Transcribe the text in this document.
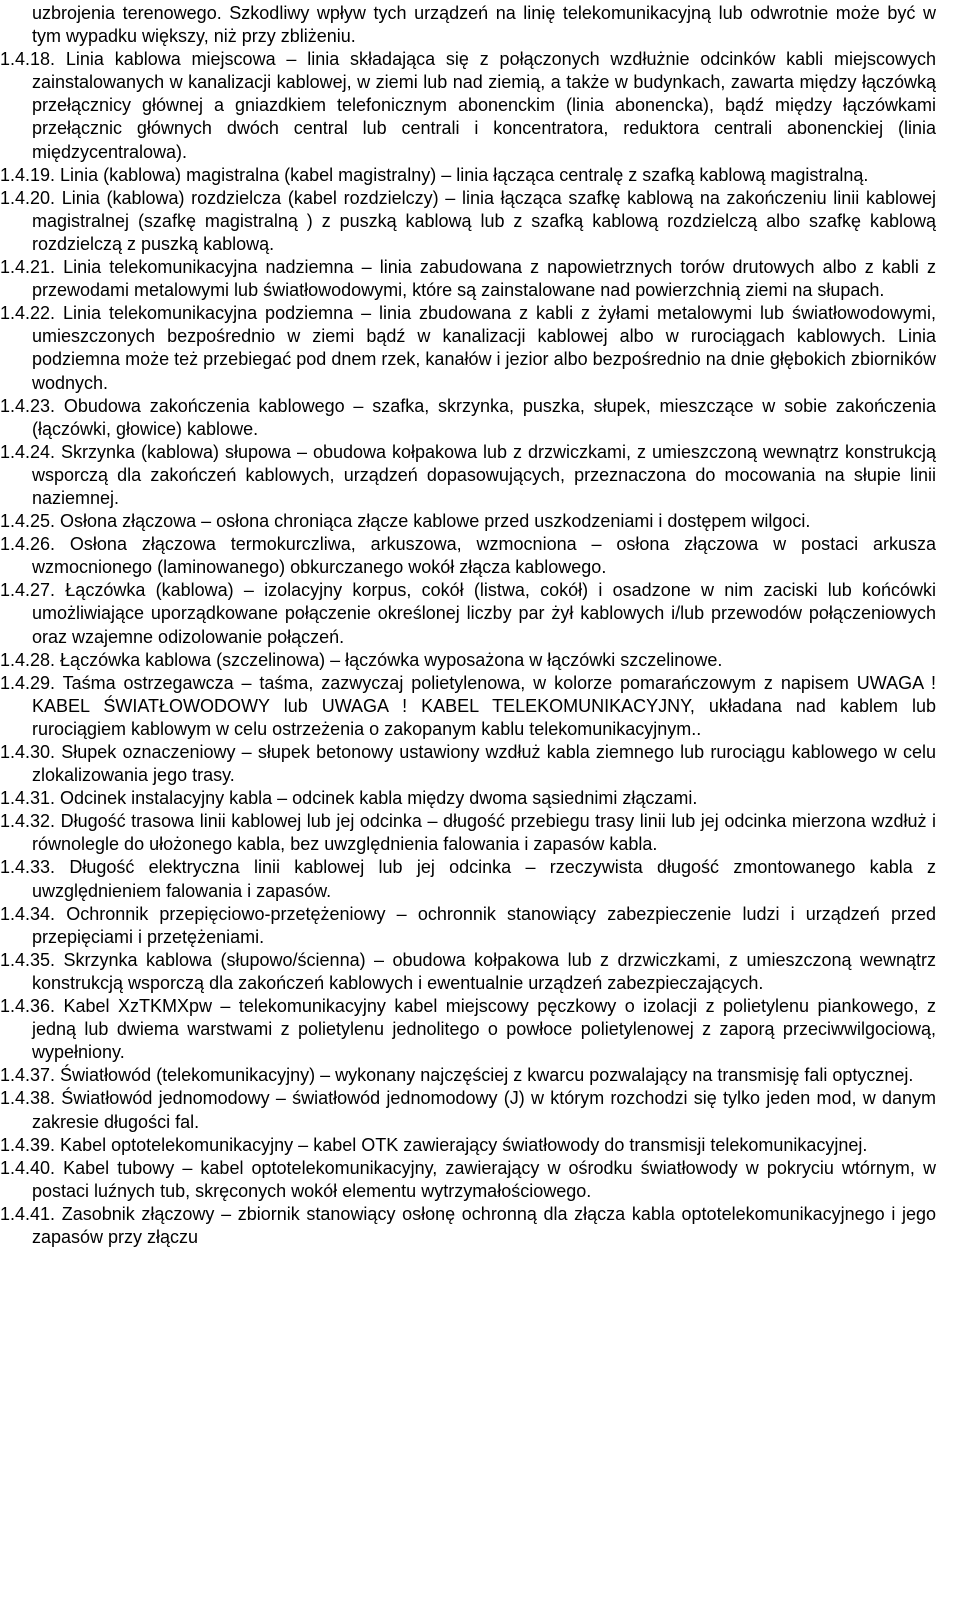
uzbrojenia terenowego. Szkodliwy wpływ tych urządzeń na linię telekomunikacyjną lub odwrotnie może być w tym wypadku większy, niż przy zbliżeniu.

1.4.18. Linia kablowa miejscowa – linia składająca się z połączonych wzdłużnie odcinków kabli miejscowych zainstalowanych w kanalizacji kablowej, w ziemi lub nad ziemią, a także w budynkach, zawarta między łączówką przełącznicy głównej a gniazdkiem telefonicznym abonenckim (linia abonencka), bądź między łączówkami przełącznic głównych dwóch central lub centrali i koncentratora, reduktora centrali abonenckiej (linia międzycentralowa).

1.4.19. Linia (kablowa) magistralna (kabel magistralny) – linia łącząca centralę z szafką kablową magistralną.

1.4.20. Linia (kablowa) rozdzielcza (kabel rozdzielczy) – linia łącząca szafkę kablową na zakończeniu linii kablowej magistralnej (szafkę magistralną ) z puszką kablową lub z szafką kablową rozdzielczą albo szafkę kablową rozdzielczą z puszką kablową.

1.4.21. Linia telekomunikacyjna nadziemna – linia zabudowana z napowietrznych torów drutowych albo z kabli z przewodami metalowymi lub światłowodowymi, które są zainstalowane nad powierzchnią ziemi na słupach.

1.4.22. Linia telekomunikacyjna podziemna – linia zbudowana z kabli z żyłami metalowymi lub światłowodowymi, umieszczonych bezpośrednio w ziemi bądź w kanalizacji kablowej albo w rurociągach kablowych. Linia podziemna może też przebiegać pod dnem rzek, kanałów i jezior albo bezpośrednio na dnie głębokich zbiorników wodnych.

1.4.23. Obudowa zakończenia kablowego – szafka, skrzynka, puszka, słupek, mieszczące w sobie zakończenia (łączówki, głowice) kablowe.

1.4.24. Skrzynka (kablowa) słupowa – obudowa kołpakowa lub z drzwiczkami, z umieszczoną wewnątrz konstrukcją wsporczą dla zakończeń kablowych, urządzeń dopasowujących, przeznaczona do mocowania na słupie linii naziemnej.

1.4.25. Osłona złączowa – osłona chroniąca złącze kablowe przed uszkodzeniami i dostępem wilgoci.

1.4.26. Osłona złączowa termokurczliwa, arkuszowa, wzmocniona – osłona złączowa w postaci arkusza wzmocnionego (laminowanego) obkurczanego wokół złącza kablowego.

1.4.27. Łączówka (kablowa) – izolacyjny korpus, cokół (listwa, cokół) i osadzone w nim zaciski lub końcówki umożliwiające uporządkowane połączenie określonej liczby par żył kablowych i/lub przewodów połączeniowych oraz wzajemne odizolowanie połączeń.

1.4.28. Łączówka kablowa (szczelinowa) – łączówka wyposażona w łączówki szczelinowe.

1.4.29. Taśma ostrzegawcza – taśma, zazwyczaj polietylenowa, w kolorze pomarańczowym z napisem UWAGA ! KABEL ŚWIATŁOWODOWY lub UWAGA ! KABEL TELEKOMUNIKACYJNY, układana nad kablem lub rurociągiem kablowym w celu ostrzeżenia o zakopanym kablu telekomunikacyjnym..

1.4.30. Słupek oznaczeniowy – słupek betonowy ustawiony wzdłuż kabla ziemnego lub rurociągu kablowego w celu zlokalizowania jego trasy.

1.4.31. Odcinek instalacyjny kabla – odcinek kabla między dwoma sąsiednimi złączami.

1.4.32. Długość trasowa linii kablowej lub jej odcinka – długość przebiegu trasy linii lub jej odcinka mierzona wzdłuż i równolegle do ułożonego kabla, bez uwzględnienia falowania i zapasów kabla.

1.4.33. Długość elektryczna linii kablowej lub jej odcinka – rzeczywista długość zmontowanego kabla z uwzględnieniem falowania i zapasów.

1.4.34. Ochronnik przepięciowo-przetężeniowy – ochronnik stanowiący zabezpieczenie ludzi i urządzeń przed przepięciami i przetężeniami.

1.4.35. Skrzynka kablowa (słupowo/ścienna) – obudowa kołpakowa lub z drzwiczkami, z umieszczoną wewnątrz konstrukcją wsporczą dla zakończeń kablowych i ewentualnie urządzeń zabezpieczających.

1.4.36. Kabel XzTKMXpw – telekomunikacyjny kabel miejscowy pęczkowy o izolacji z polietylenu piankowego, z jedną lub dwiema warstwami z polietylenu jednolitego o powłoce polietylenowej z zaporą przeciwwilgociową, wypełniony.

1.4.37. Światłowód (telekomunikacyjny) – wykonany najczęściej z kwarcu pozwalający na transmisję fali optycznej.

1.4.38. Światłowód jednomodowy – światłowód jednomodowy (J) w którym rozchodzi się tylko jeden mod, w danym zakresie długości fal.

1.4.39. Kabel optotelekomunikacyjny – kabel OTK zawierający światłowody do transmisji telekomunikacyjnej.

1.4.40. Kabel tubowy – kabel optotelekomunikacyjny, zawierający w ośrodku światłowody w pokryciu wtórnym, w postaci luźnych tub, skręconych wokół elementu wytrzymałościowego.

1.4.41. Zasobnik złączowy – zbiornik stanowiący osłonę ochronną dla złącza kabla optotelekomunikacyjnego i jego zapasów przy złączu
